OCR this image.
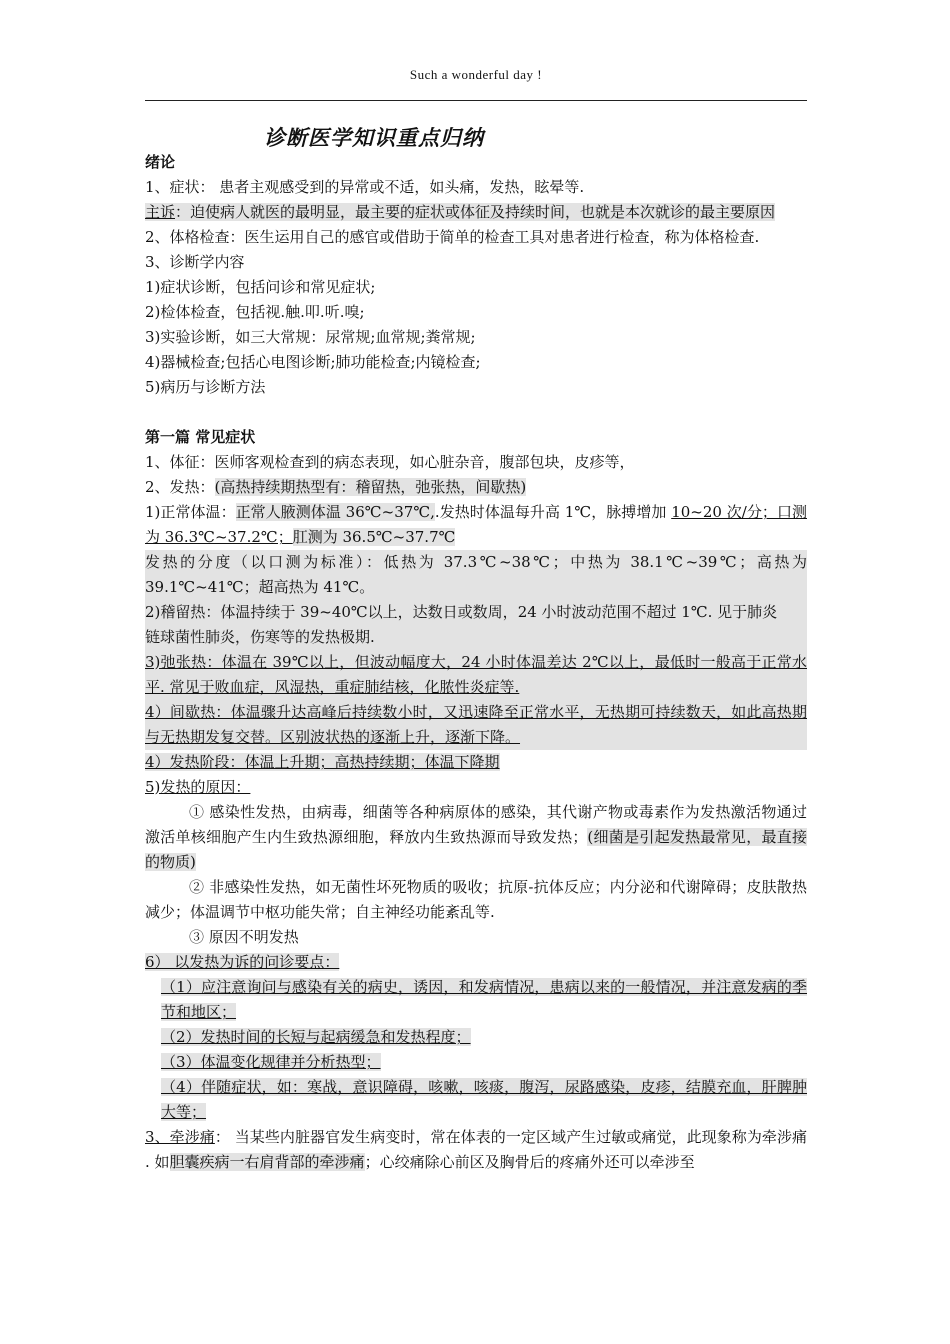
Such a wonderful day !
诊断医学知识重点归纳

绪论

1、症状： 患者主观感受到的异常或不适，如头痛，发热，眩晕等.

主诉：迫使病人就医的最明显，最主要的症状或体征及持续时间，也就是本次就诊的最主要原因

2、体格检查：医生运用自己的感官或借助于简单的检查工具对患者进行检查，称为体格检查.

3、诊断学内容

1)症状诊断，包括问诊和常见症状;

2)检体检查，包括视.触.叩.听.嗅;

3)实验诊断，如三大常规：尿常规;血常规;粪常规;

4)器械检查;包括心电图诊断;肺功能检查;内镜检查;

5)病历与诊断方法

第一篇 常见症状

1、体征：医师客观检查到的病态表现，如心脏杂音，腹部包块，皮疹等，

2、发热：(高热持续期热型有：稽留热，弛张热，间歇热)

1)正常体温：正常人腋测体温 36℃~37℃,.发热时体温每升高 1℃，脉搏增加 10~20 次/分；口测为 36.3℃~37.2℃；肛测为 36.5℃~37.7℃

发热的分度（以口测为标准）：低热为 37.3℃~38℃；中热为 38.1℃~39℃；高热为 39.1℃~41℃；超高热为 41℃。

2)稽留热：体温持续于 39~40℃以上，达数日或数周，24 小时波动范围不超过 1℃. 见于肺炎

链球菌性肺炎，伤寒等的发热极期.

3)弛张热：体温在 39℃以上，但波动幅度大，24 小时体温差达 2℃以上，最低时一般高于正常水平. 常见于败血症，风湿热，重症肺结核，化脓性炎症等.

4）间歇热：体温骤升达高峰后持续数小时，又迅速降至正常水平，无热期可持续数天，如此高热期与无热期发复交替。区别波状热的逐渐上升，逐渐下降。

4）发热阶段：体温上升期；高热持续期；体温下降期

5)发热的原因：

① 感染性发热，由病毒，细菌等各种病原体的感染，其代谢产物或毒素作为发热激活物通过激活单核细胞产生内生致热源细胞，释放内生致热源而导致发热；(细菌是引起发热最常见，最直接的物质)

② 非感染性发热，如无菌性坏死物质的吸收；抗原-抗体反应；内分泌和代谢障碍；皮肤散热减少；体温调节中枢功能失常；自主神经功能紊乱等.

③ 原因不明发热

6） 以发热为诉的问诊要点：

（1）应注意询问与感染有关的病史，诱因，和发病情况，患病以来的一般情况，并注意发病的季节和地区；

（2）发热时间的长短与起病缓急和发热程度；

（3）体温变化规律并分析热型；

（4）伴随症状，如：寒战，意识障碍，咳嗽，咳痰，腹泻，尿路感染，皮疹，结膜充血，肝脾肿大等；

3、牵涉痛： 当某些内脏器官发生病变时，常在体表的一定区域产生过敏或痛觉，此现象称为牵涉痛 . 如胆囊疾病一右肩背部的牵涉痛；心绞痛除心前区及胸骨后的疼痛外还可以牵涉至
